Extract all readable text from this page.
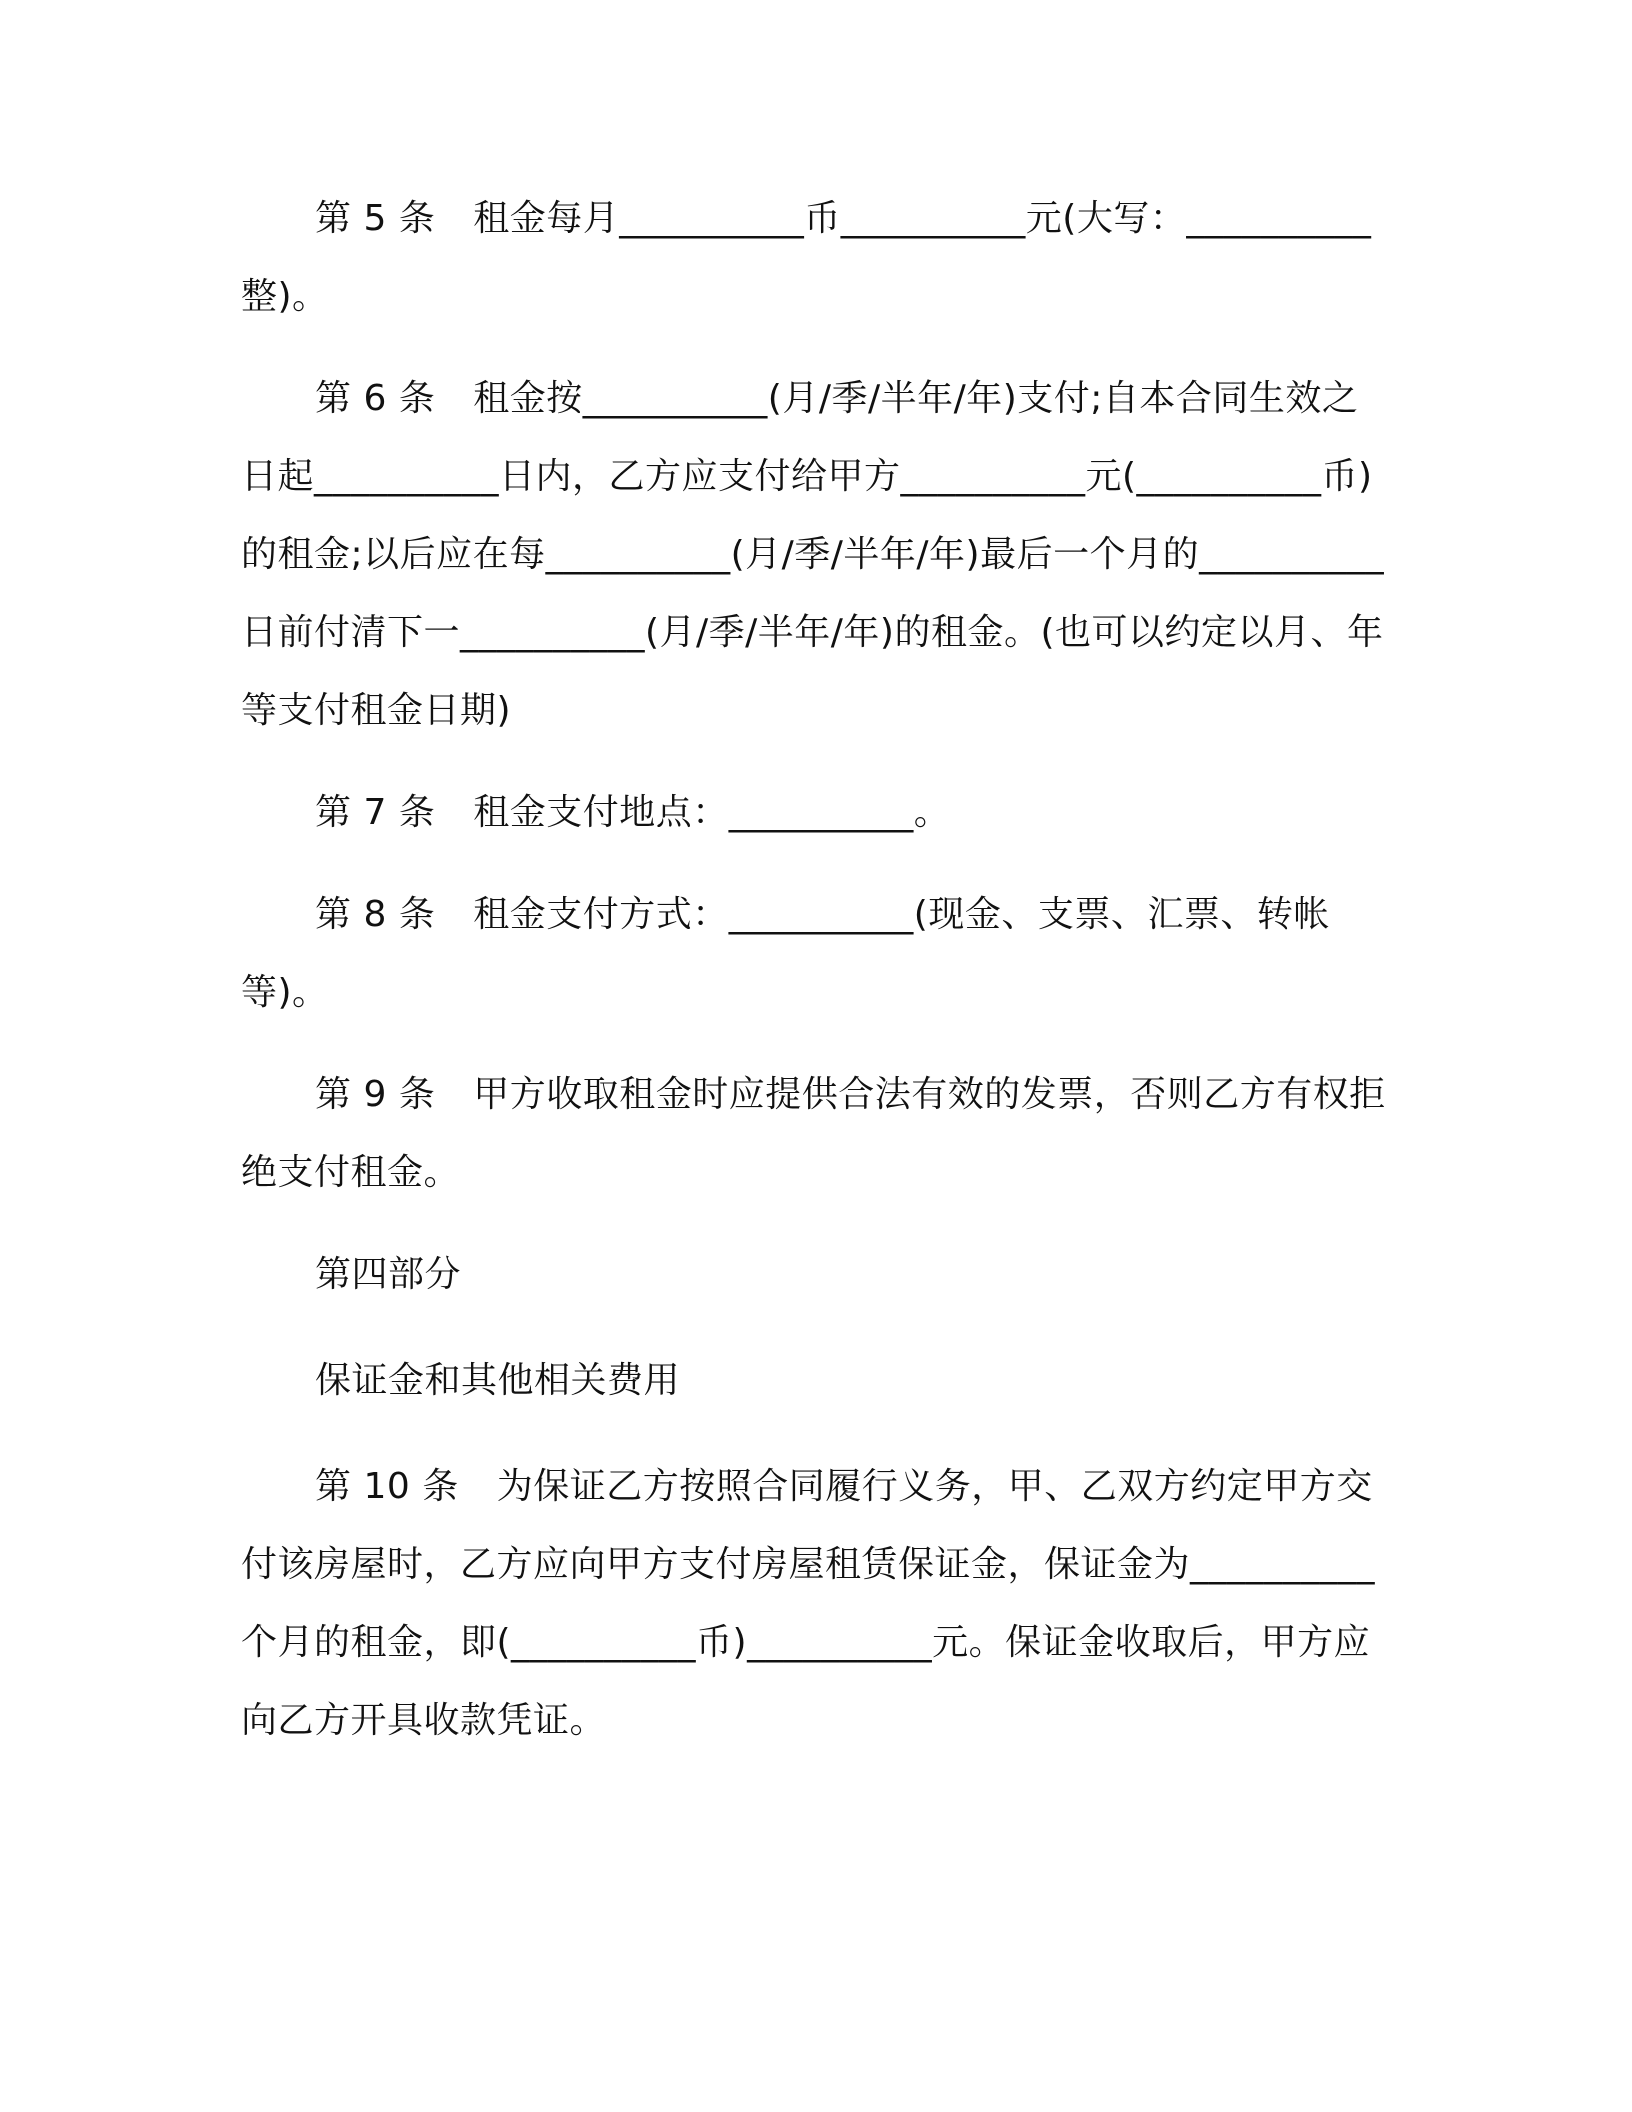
第 5 条 租金每月__________币__________元(大写：__________整)。

第 6 条 租金按__________(月/季/半年/年)支付;自本合同生效之日起__________日内，乙方应支付给甲方__________元(__________币)的租金;以后应在每__________(月/季/半年/年)最后一个月的__________日前付清下一__________(月/季/半年/年)的租金。(也可以约定以月、年等支付租金日期)

第 7 条 租金支付地点：__________。

第 8 条 租金支付方式：__________(现金、支票、汇票、转帐等)。

第 9 条 甲方收取租金时应提供合法有效的发票，否则乙方有权拒绝支付租金。

第四部分

保证金和其他相关费用

第 10 条 为保证乙方按照合同履行义务，甲、乙双方约定甲方交付该房屋时，乙方应向甲方支付房屋租赁保证金，保证金为__________个月的租金，即(__________币)__________元。保证金收取后，甲方应向乙方开具收款凭证。
